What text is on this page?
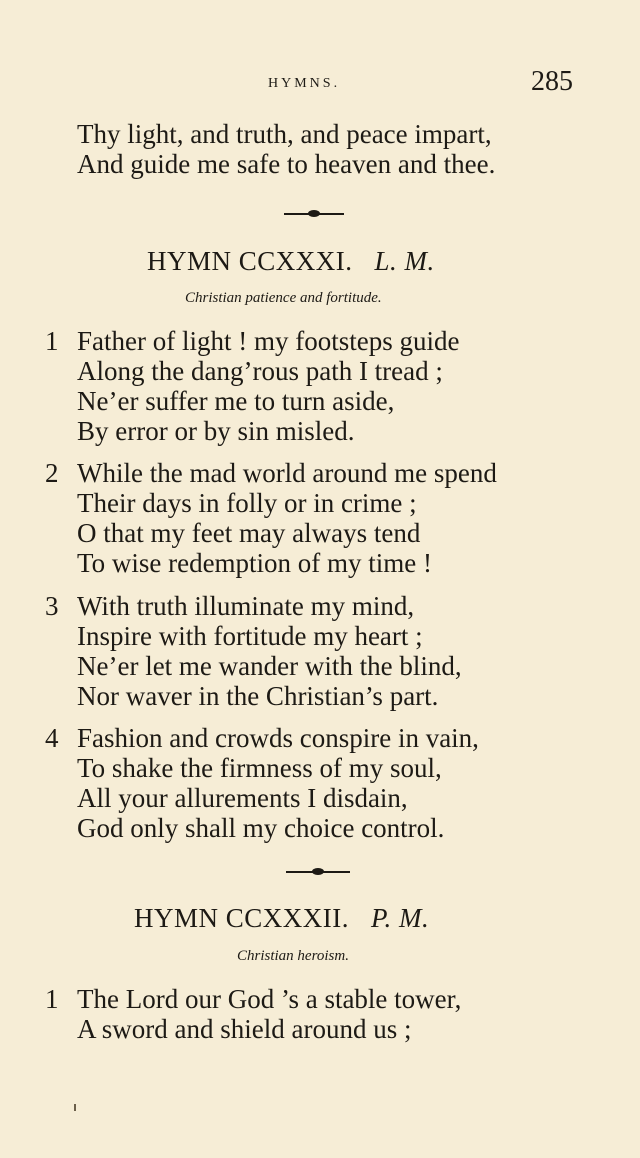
HYMNS.	285
Thy light, and truth, and peace impart,
And guide me safe to heaven and thee.
HYMN CCXXXI. L. M.
Christian patience and fortitude.
1 Father of light ! my footsteps guide
Along the dang’rous path I tread ;
Ne’er suffer me to turn aside,
By error or by sin misled.
2 While the mad world around me spend
Their days in folly or in crime ;
O that my feet may always tend
To wise redemption of my time !
3 With truth illuminate my mind,
Inspire with fortitude my heart ;
Ne’er let me wander with the blind,
Nor waver in the Christian’s part.
4 Fashion and crowds conspire in vain,
To shake the firmness of my soul,
All your allurements I disdain,
God only shall my choice control.
HYMN CCXXXII. P. M.
Christian heroism.
1 The Lord our God ’s a stable tower,
A sword and shield around us ;
